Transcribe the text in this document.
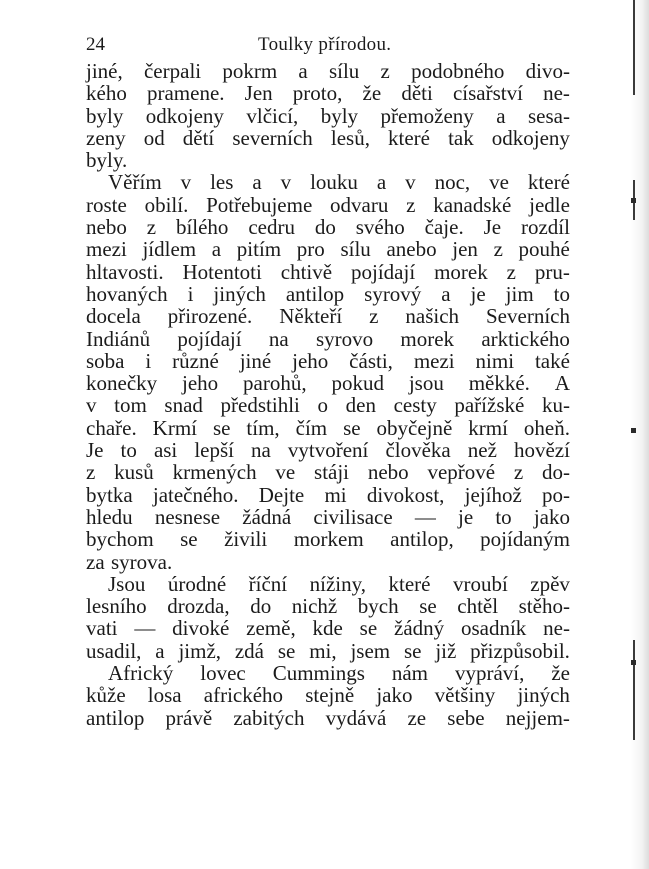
24	Toulky přírodou.
jiné, čerpali pokrm a sílu z podobného divo-
kého pramene. Jen proto, že děti císařství ne-
byly odkojeny vlčicí, byly přemoženy a sesa-
zeny od dětí severních lesů, které tak odkojeny
byly.
Věřím v les a v louku a v noc, ve které
roste obilí. Potřebujeme odvaru z kanadské jedle
nebo z bílého cedru do svého čaje. Je rozdíl
mezi jídlem a pitím pro sílu anebo jen z pouhé
hltavosti. Hotentoti chtivě pojídají morek z pru-
hovaných i jiných antilop syrový a je jim to
docela přirozené. Někteří z našich Severních
Indiánů pojídají na syrovo morek arktického
soba i různé jiné jeho části, mezi nimi také
konečky jeho parohů, pokud jsou měkké. A
v tom snad předstihli o den cesty pařížské ku-
chaře. Krmí se tím, čím se obyčejně krmí oheň.
Je to asi lepší na vytvoření člověka než hovězí
z kusů krmených ve stáji nebo vepřové z do-
bytka jatečného. Dejte mi divokost, jejíhož po-
hledu nesnese žádná civilisace — je to jako
bychom se živili morkem antilop, pojídaným
za syrova.
Jsou úrodné říční nížiny, které vroubí zpěv
lesního drozda, do nichž bych se chtěl stěho-
vati — divoké země, kde se žádný osadník ne-
usadil, a jimž, zdá se mi, jsem se již přizpůsobil.
Africký lovec Cummings nám vypráví, že
kůže losa afrického stejně jako většiny jiných
antilop právě zabitých vydává ze sebe nejjem-
